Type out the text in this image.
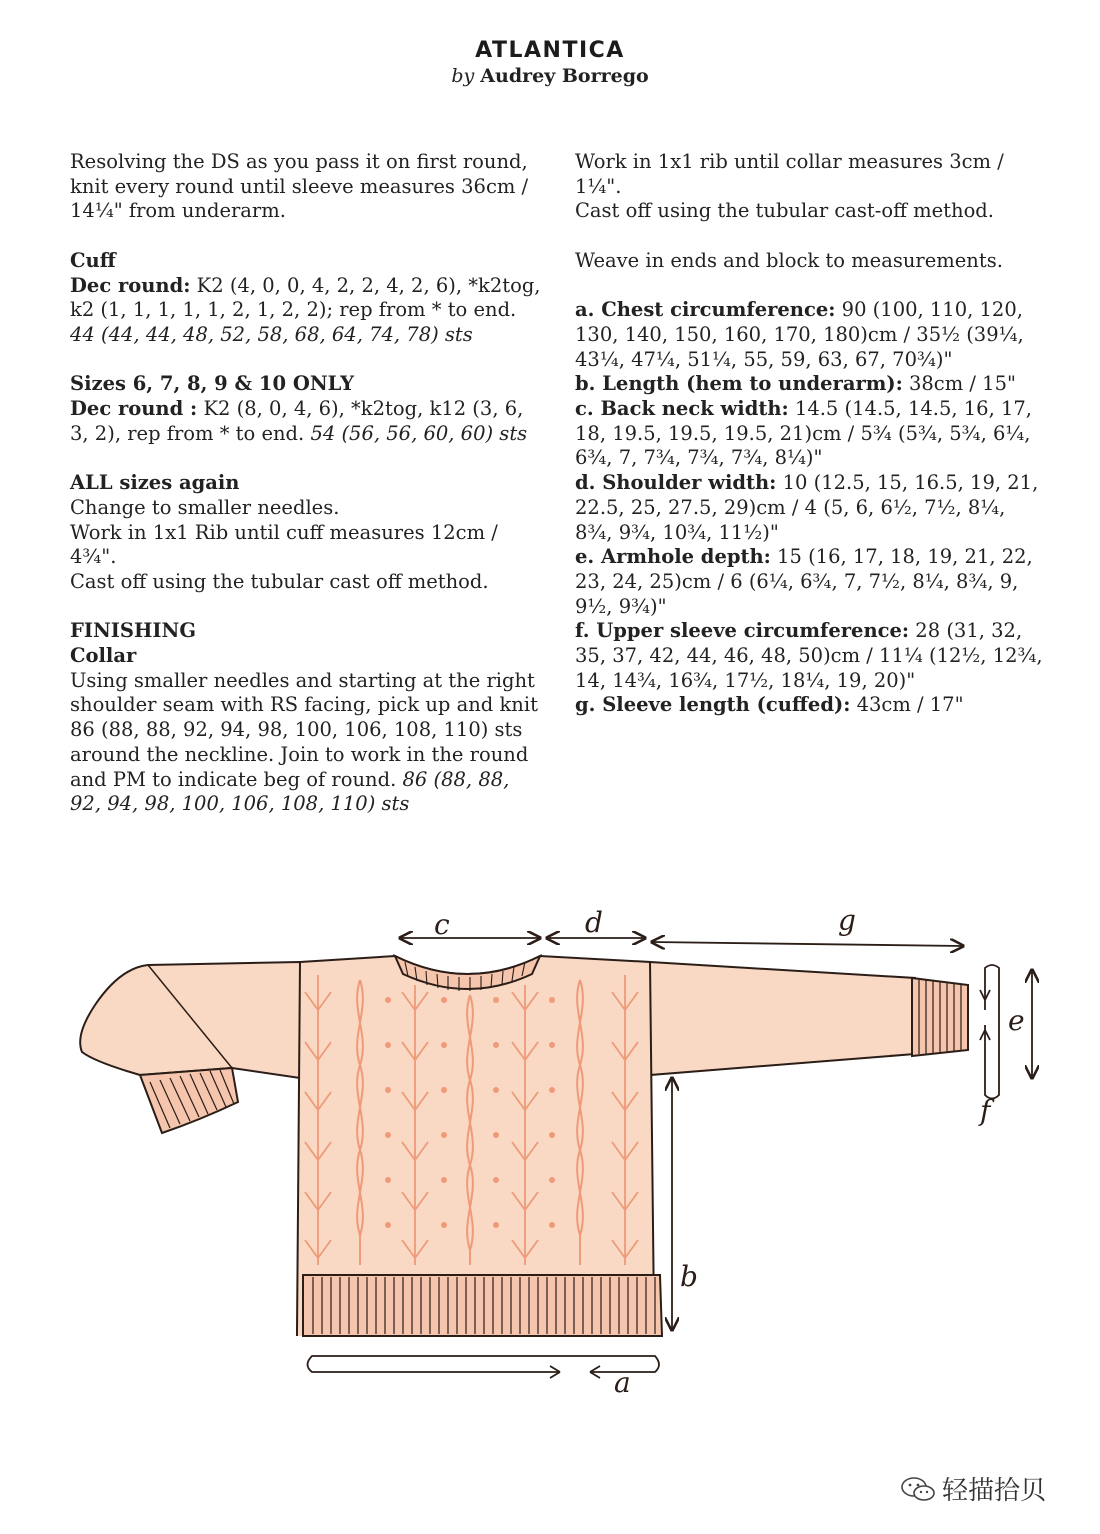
ATLANTICA
by Audrey Borrego

Resolving the DS as you pass it on first round, knit every round until sleeve measures 36cm / 14¼" from underarm.

Cuff

Dec round: K2 (4, 0, 0, 4, 2, 2, 4, 2, 6), *k2tog, k2 (1, 1, 1, 1, 1, 2, 1, 2, 2); rep from * to end. 44 (44, 44, 48, 52, 58, 68, 64, 74, 78) sts

Sizes 6, 7, 8, 9 & 10 ONLY

Dec round : K2 (8, 0, 4, 6), *k2tog, k12 (3, 6, 3, 2), rep from * to end. 54 (56, 56, 60, 60) sts

ALL sizes again

Change to smaller needles.

Work in 1x1 Rib until cuff measures 12cm / 4¾".

Cast off using the tubular cast off method.

FINISHING

Collar

Using smaller needles and starting at the right shoulder seam with RS facing, pick up and knit 86 (88, 88, 92, 94, 98, 100, 106, 108, 110) sts around the neckline. Join to work in the round and PM to indicate beg of round. 86 (88, 88, 92, 94, 98, 100, 106, 108, 110) sts

Work in 1x1 rib until collar measures 3cm / 1¼".

Cast off using the tubular cast-off method.

Weave in ends and block to measurements.

a. Chest circumference: 90 (100, 110, 120, 130, 140, 150, 160, 170, 180)cm / 35½ (39¼, 43¼, 47¼, 51¼, 55, 59, 63, 67, 70¾)"

b. Length (hem to underarm): 38cm / 15"

c. Back neck width: 14.5 (14.5, 14.5, 16, 17, 18, 19.5, 19.5, 19.5, 21)cm / 5¾ (5¾, 5¾, 6¼, 6¾, 7, 7¾, 7¾, 7¾, 8¼)"

d. Shoulder width: 10 (12.5, 15, 16.5, 19, 21, 22.5, 25, 27.5, 29)cm / 4 (5, 6, 6½, 7½, 8¼, 8¾, 9¾, 10¾, 11½)"

e. Armhole depth: 15 (16, 17, 18, 19, 21, 22, 23, 24, 25)cm / 6 (6¼, 6¾, 7, 7½, 8¼, 8¾, 9, 9½, 9¾)"

f. Upper sleeve circumference: 28 (31, 32, 35, 37, 42, 44, 46, 48, 50)cm / 11¼ (12½, 12¾, 14, 14¾, 16¾, 17½, 18¼, 19, 20)"

g. Sleeve length (cuffed): 43cm / 17"

c	d	g
b
e
f
a
轻描拾贝
